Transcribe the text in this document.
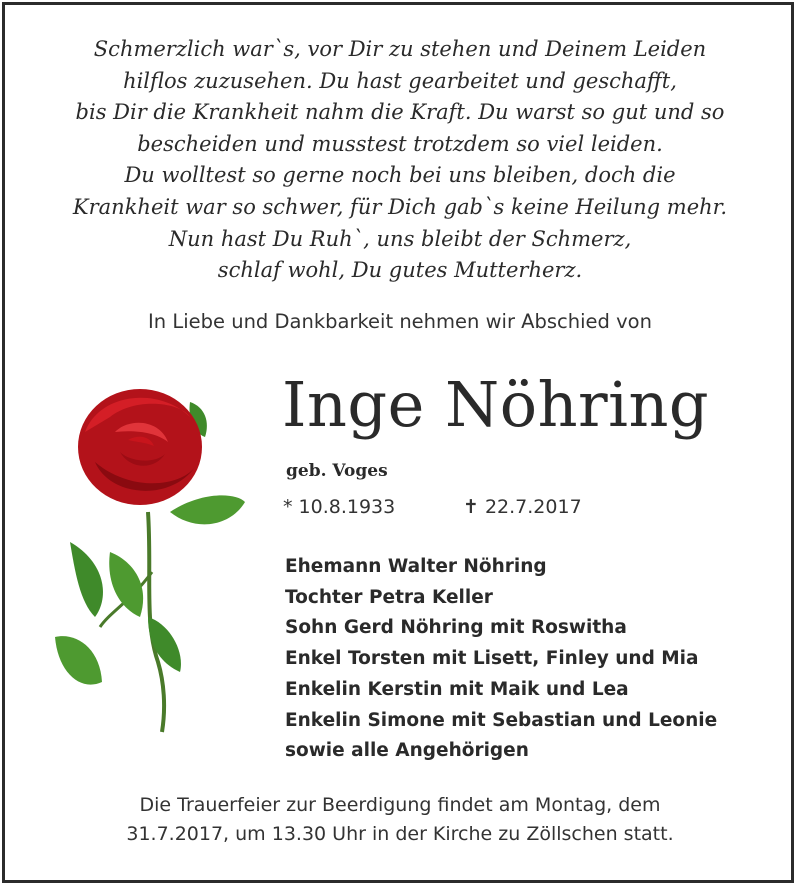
Schmerzlich war`s, vor Dir zu stehen und Deinem Leiden
hilflos zuzusehen. Du hast gearbeitet und geschafft,
bis Dir die Krankheit nahm die Kraft. Du warst so gut und so
bescheiden und musstest trotzdem so viel leiden.
Du wolltest so gerne noch bei uns bleiben, doch die
Krankheit war so schwer, für Dich gab`s keine Heilung mehr.
Nun hast Du Ruh`, uns bleibt der Schmerz,
schlaf wohl, Du gutes Mutterherz.
In Liebe und Dankbarkeit nehmen wir Abschied von
Inge Nöhring
geb. Voges
* 10.8.1933	✝ 22.7.2017
Ehemann Walter Nöhring
Tochter Petra Keller
Sohn Gerd Nöhring mit Roswitha
Enkel Torsten mit Lisett, Finley und Mia
Enkelin Kerstin mit Maik und Lea
Enkelin Simone mit Sebastian und Leonie
sowie alle Angehörigen
Die Trauerfeier zur Beerdigung findet am Montag, dem
31.7.2017, um 13.30 Uhr in der Kirche zu Zöllschen statt.
